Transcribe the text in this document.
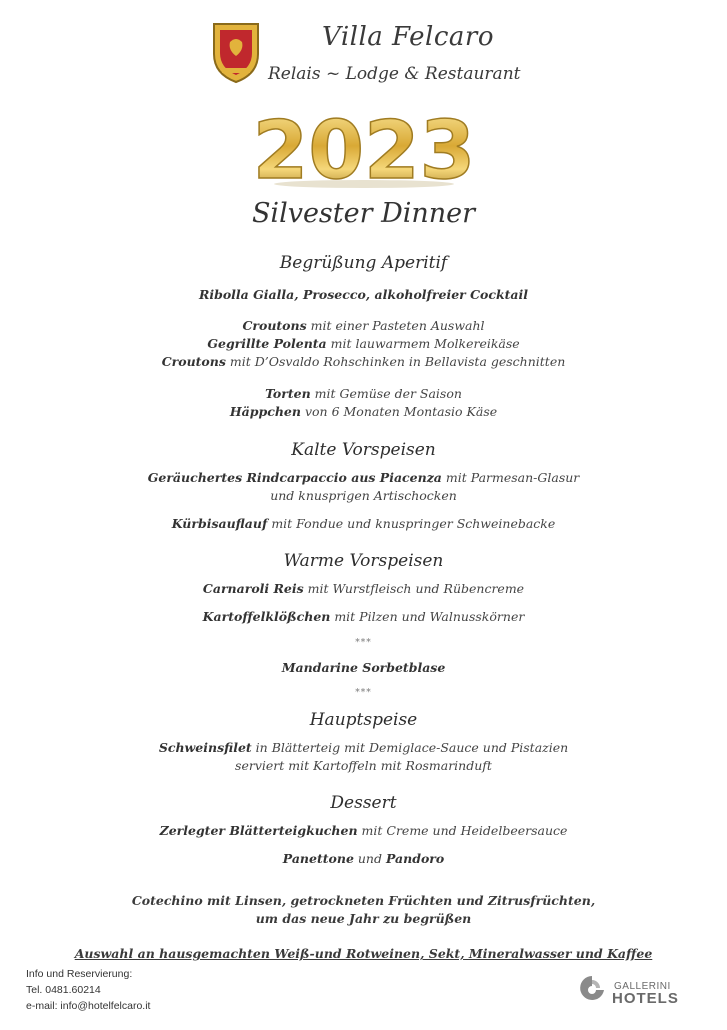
Villa Felcaro
Relais ~ Lodge & Restaurant
2023
Silvester Dinner
Begrüßung Aperitif
Ribolla Gialla, Prosecco, alkoholfreier Cocktail
Croutons mit einer Pasteten Auswahl
Gegrillte Polenta mit lauwarmem Molkereikäse
Croutons mit D’Osvaldo Rohschinken in Bellavista geschnitten
Torten mit Gemüse der Saison
Häppchen von 6 Monaten Montasio Käse
Kalte Vorspeisen
Geräuchertes Rindcarpaccio aus Piacenza mit Parmesan-Glasur
und knusprigen Artischocken
Kürbisauflauf mit Fondue und knuspringer Schweinebacke
Warme Vorspeisen
Carnaroli Reis mit Wurstfleisch und Rübencreme
Kartoffelklößchen mit Pilzen und Walnusskörner
***
Mandarine Sorbetblase
***
Hauptspeise
Schweinsfilet in Blätterteig mit Demiglace-Sauce und Pistazien
serviert mit Kartoffeln mit Rosmarinduft
Dessert
Zerlegter Blätterteigkuchen mit Creme und Heidelbeersauce
Panettone und Pandoro
Cotechino mit Linsen, getrockneten Früchten und Zitrusfrüchten,
um das neue Jahr zu begrüßen
Auswahl an hausgemachten Weiß-und Rotweinen, Sekt, Mineralwasser und Kaffee
Info und Reservierung:
Tel. 0481.60214
e-mail: info@hotelfelcaro.it
GALLERINI
HOTELS
